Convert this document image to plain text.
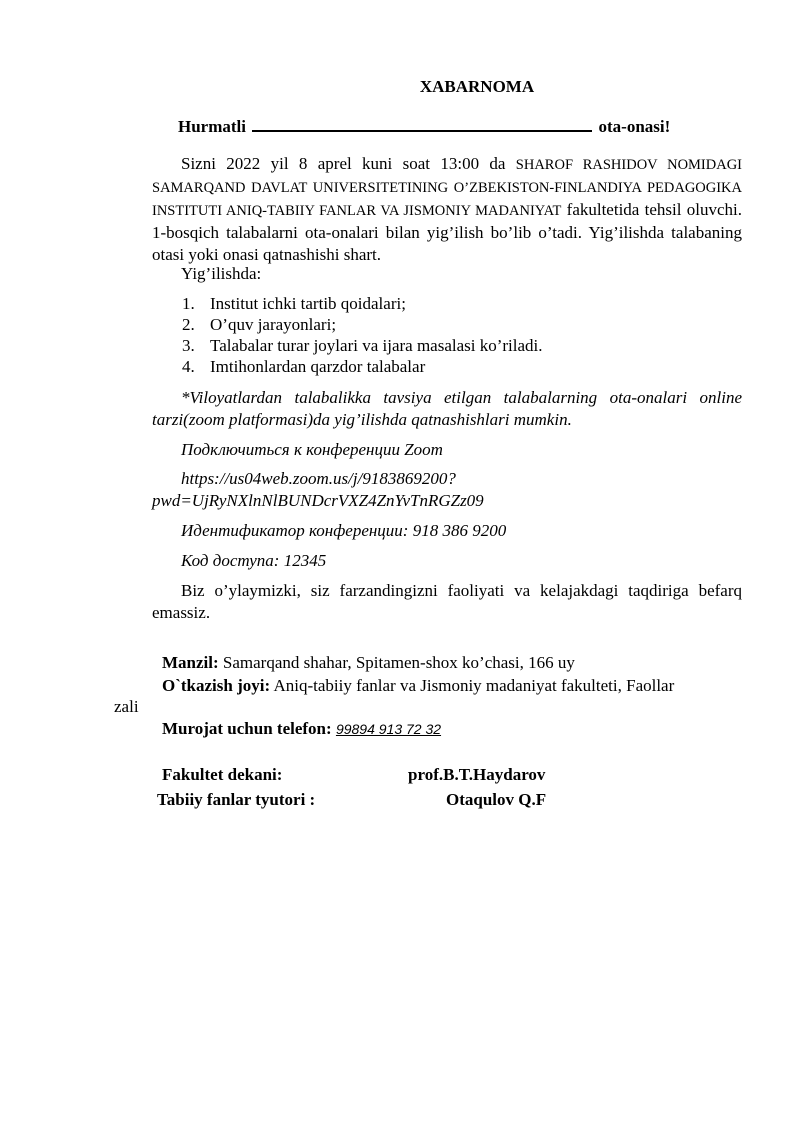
XABARNOMA
Hurmatli	ota-onasi!
Sizni 2022 yil 8 aprel kuni soat 13:00 da SHAROF RASHIDOV NOMIDAGI SAMARQAND DAVLAT UNIVERSITETINING O’ZBEKISTON-FINLANDIYA PEDAGOGIKA INSTITUTI ANIQ-TABIIY FANLAR VA JISMONIY MADANIYAT fakultetida tehsil oluvchi. 1-bosqich talabalarni ota-onalari bilan yig’ilish bo’lib o’tadi. Yig’ilishda talabaning otasi yoki onasi qatnashishi shart.
Yig’ilishda:
1. Institut ichki tartib qoidalari;
2. O’quv jarayonlari;
3. Talabalar turar joylari va ijara masalasi ko’riladi.
4. Imtihonlardan qarzdor talabalar
*Viloyatlardan talabalikka tavsiya etilgan talabalarning ota-onalari online tarzi(zoom platformasi)da yig’ilishda qatnashishlari mumkin.
Подключиться к конференции Zoom
https://us04web.zoom.us/j/9183869200?
pwd=UjRyNXlnNlBUNDcrVXZ4ZnYvTnRGZz09
Идентификатор конференции: 918 386 9200
Код доступа: 12345
Biz o’ylaymizki, siz farzandingizni faoliyati va kelajakdagi taqdiriga befarq emassiz.
Manzil: Samarqand shahar, Spitamen-shox ko’chasi, 166 uy
O`tkazish joyi: Aniq-tabiiy fanlar va Jismoniy madaniyat fakulteti, Faollar
zali
Murojat uchun telefon: 99894 913 72 32
Fakultet dekani:	prof.B.T.Haydarov
Tabiiy fanlar tyutori :	Otaqulov Q.F
